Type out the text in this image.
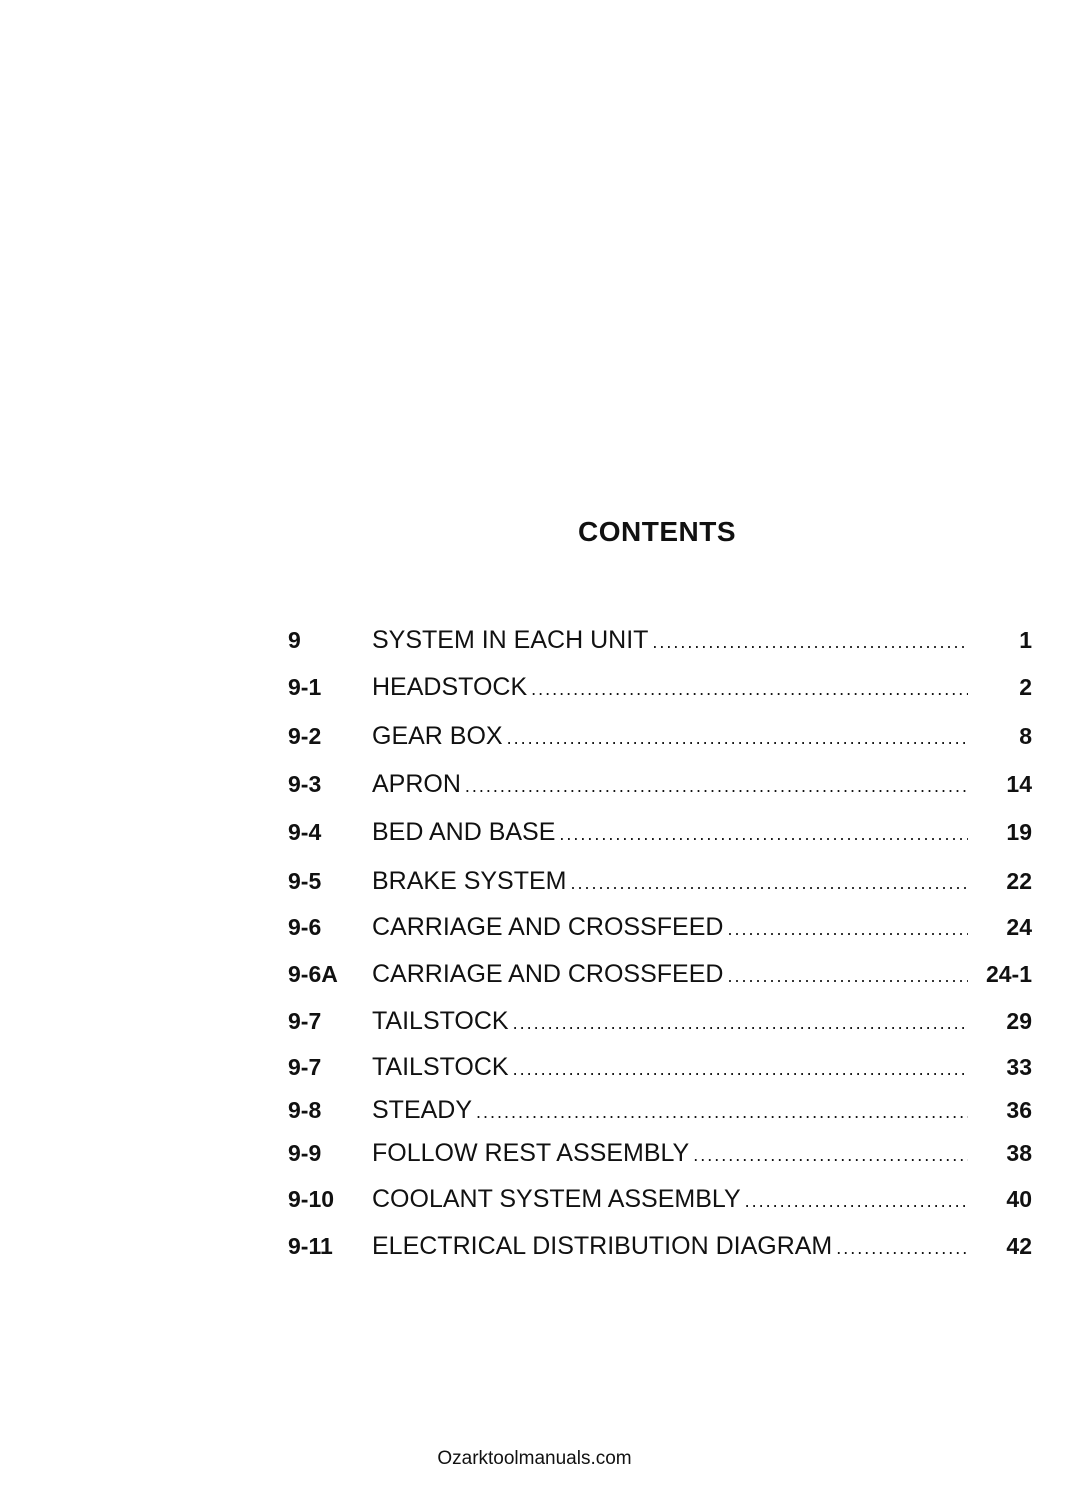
CONTENTS
9	SYSTEM IN EACH UNIT .....	1
9-1 HEADSTOCK .....	2
9-2 GEAR BOX .....	8
9-3 APRON .....	14
9-4 BED AND BASE .....	19
9-5 BRAKE SYSTEM .....	22
9-6 CARRIAGE AND CROSSFEED .....	24
9-6A CARRIAGE AND CROSSFEED .....	24-1
9-7 TAILSTOCK .....	29
9-7 TAILSTOCK .....	33
9-8 STEADY .....	36
9-9 FOLLOW REST ASSEMBLY .....	38
9-10 COOLANT SYSTEM ASSEMBLY .....	40
9-11 ELECTRICAL DISTRIBUTION DIAGRAM .....	42
Ozarktoolmanuals.com
